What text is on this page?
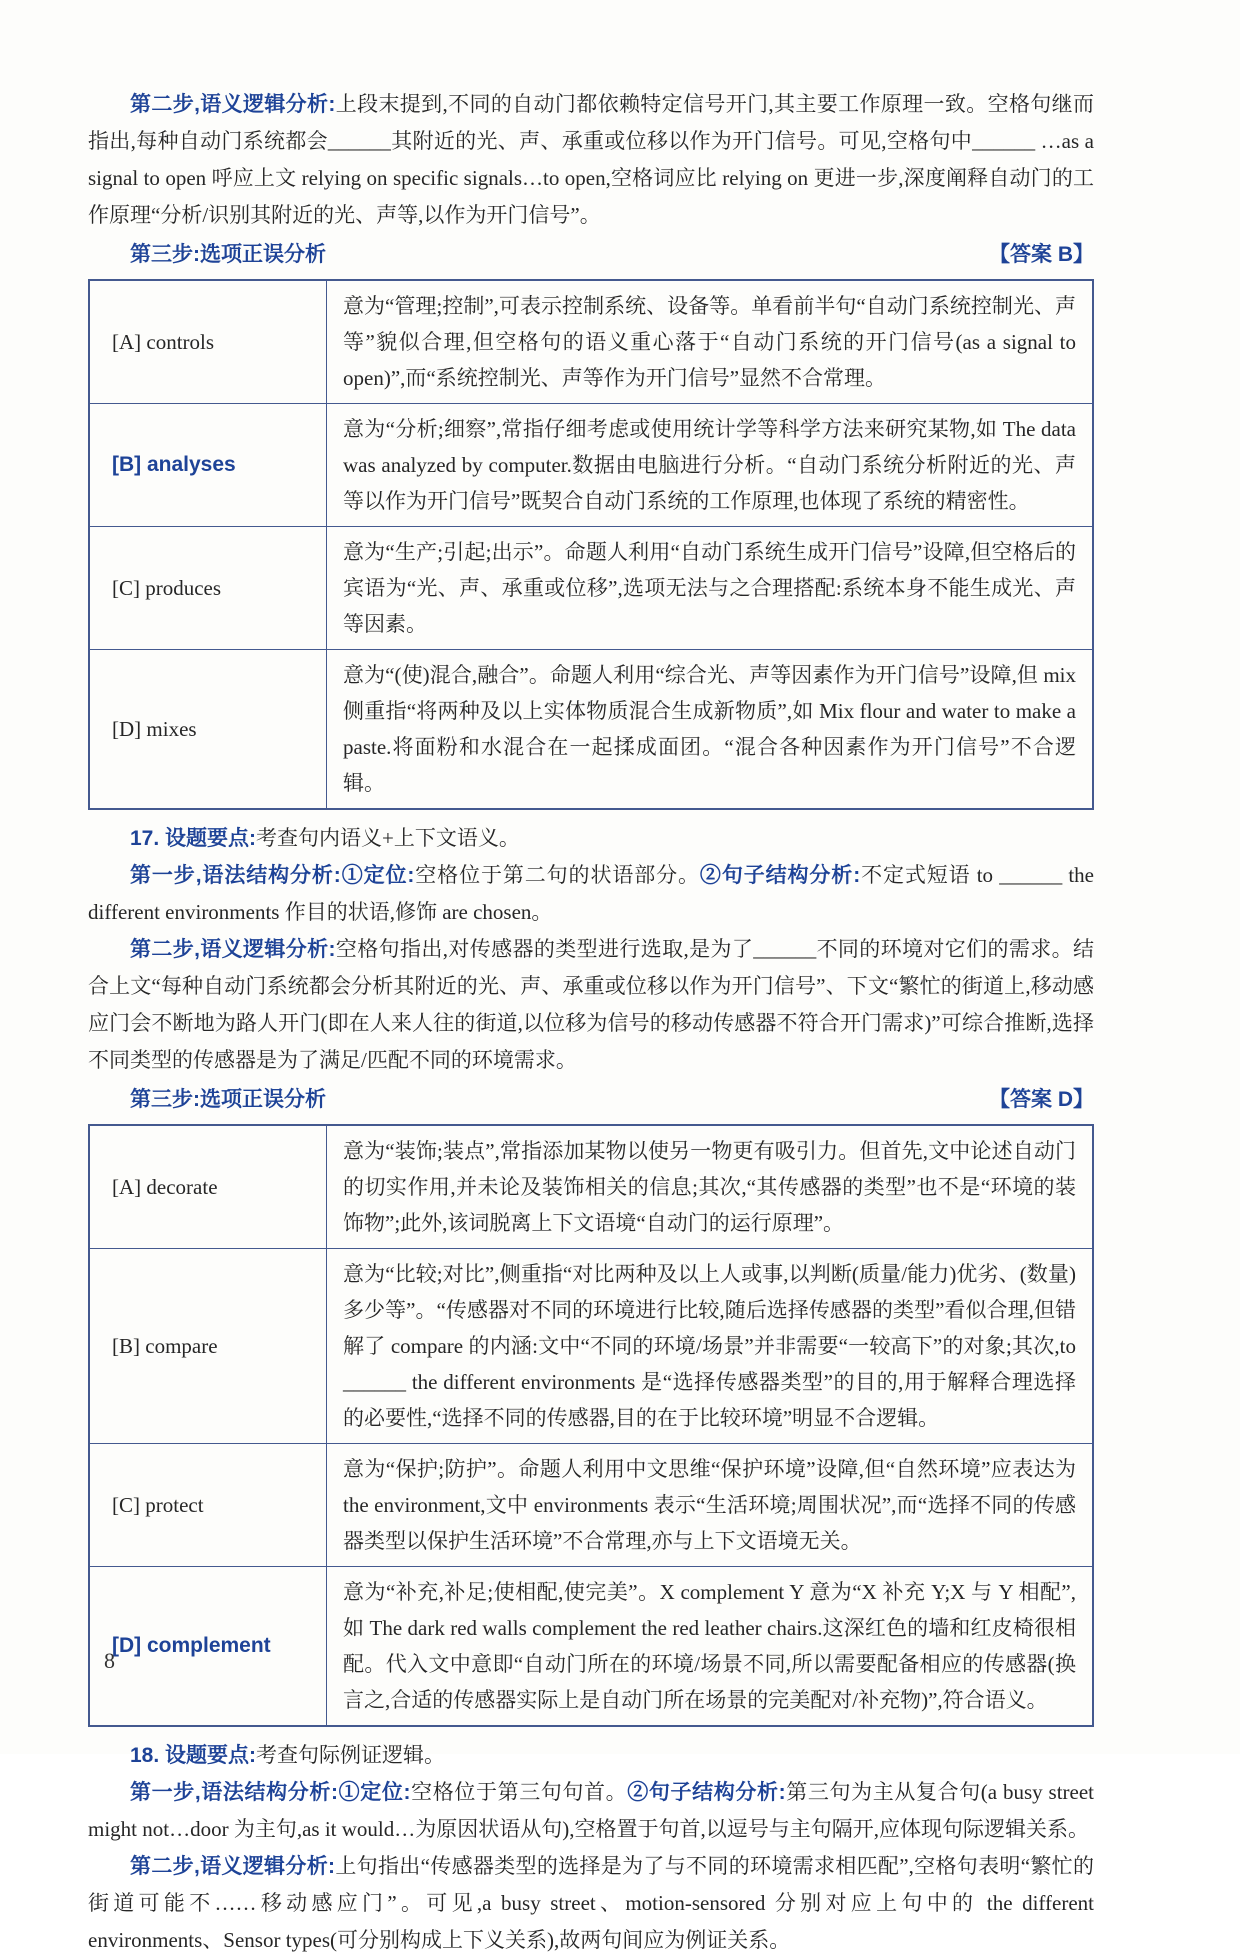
第二步,语义逻辑分析:上段末提到,不同的自动门都依赖特定信号开门,其主要工作原理一致。空格句继而指出,每种自动门系统都会______其附近的光、声、承重或位移以作为开门信号。可见,空格句中______ …as a signal to open 呼应上文 relying on specific signals…to open,空格词应比 relying on 更进一步,深度阐释自动门的工作原理“分析/识别其附近的光、声等,以作为开门信号”。

第三步:选项正误分析	【答案 B】
[A] controls	意为“管理;控制”,可表示控制系统、设备等。单看前半句“自动门系统控制光、声等”貌似合理,但空格句的语义重心落于“自动门系统的开门信号(as a signal to open)”,而“系统控制光、声等作为开门信号”显然不合常理。
[B] analyses	意为“分析;细察”,常指仔细考虑或使用统计学等科学方法来研究某物,如 The data was analyzed by computer.数据由电脑进行分析。“自动门系统分析附近的光、声等以作为开门信号”既契合自动门系统的工作原理,也体现了系统的精密性。
[C] produces	意为“生产;引起;出示”。命题人利用“自动门系统生成开门信号”设障,但空格后的宾语为“光、声、承重或位移”,选项无法与之合理搭配:系统本身不能生成光、声等因素。
[D] mixes	意为“(使)混合,融合”。命题人利用“综合光、声等因素作为开门信号”设障,但 mix 侧重指“将两种及以上实体物质混合生成新物质”,如 Mix flour and water to make a paste.将面粉和水混合在一起揉成面团。“混合各种因素作为开门信号”不合逻辑。

17. 设题要点:考查句内语义+上下文语义。

第一步,语法结构分析:①定位:空格位于第二句的状语部分。②句子结构分析:不定式短语 to ______ the different environments 作目的状语,修饰 are chosen。

第二步,语义逻辑分析:空格句指出,对传感器的类型进行选取,是为了______不同的环境对它们的需求。结合上文“每种自动门系统都会分析其附近的光、声、承重或位移以作为开门信号”、下文“繁忙的街道上,移动感应门会不断地为路人开门(即在人来人往的街道,以位移为信号的移动传感器不符合开门需求)”可综合推断,选择不同类型的传感器是为了满足/匹配不同的环境需求。

第三步:选项正误分析	【答案 D】
[A] decorate	意为“装饰;装点”,常指添加某物以使另一物更有吸引力。但首先,文中论述自动门的切实作用,并未论及装饰相关的信息;其次,“其传感器的类型”也不是“环境的装饰物”;此外,该词脱离上下文语境“自动门的运行原理”。
[B] compare	意为“比较;对比”,侧重指“对比两种及以上人或事,以判断(质量/能力)优劣、(数量)多少等”。“传感器对不同的环境进行比较,随后选择传感器的类型”看似合理,但错解了 compare 的内涵:文中“不同的环境/场景”并非需要“一较高下”的对象;其次,to ______ the different environments 是“选择传感器类型”的目的,用于解释合理选择的必要性,“选择不同的传感器,目的在于比较环境”明显不合逻辑。
[C] protect	意为“保护;防护”。命题人利用中文思维“保护环境”设障,但“自然环境”应表达为 the environment,文中 environments 表示“生活环境;周围状况”,而“选择不同的传感器类型以保护生活环境”不合常理,亦与上下文语境无关。
[D] complement	意为“补充,补足;使相配,使完美”。X complement Y 意为“X 补充 Y;X 与 Y 相配”,如 The dark red walls complement the red leather chairs.这深红色的墙和红皮椅很相配。代入文中意即“自动门所在的环境/场景不同,所以需要配备相应的传感器(换言之,合适的传感器实际上是自动门所在场景的完美配对/补充物)”,符合语义。

18. 设题要点:考查句际例证逻辑。

第一步,语法结构分析:①定位:空格位于第三句句首。②句子结构分析:第三句为主从复合句(a busy street might not…door 为主句,as it would…为原因状语从句),空格置于句首,以逗号与主句隔开,应体现句际逻辑关系。

第二步,语义逻辑分析:上句指出“传感器类型的选择是为了与不同的环境需求相匹配”,空格句表明“繁忙的街道可能不……移动感应门”。可见,a busy street、motion-sensored 分别对应上句中的 the different environments、Sensor types(可分别构成上下义关系),故两句间应为例证关系。

8
